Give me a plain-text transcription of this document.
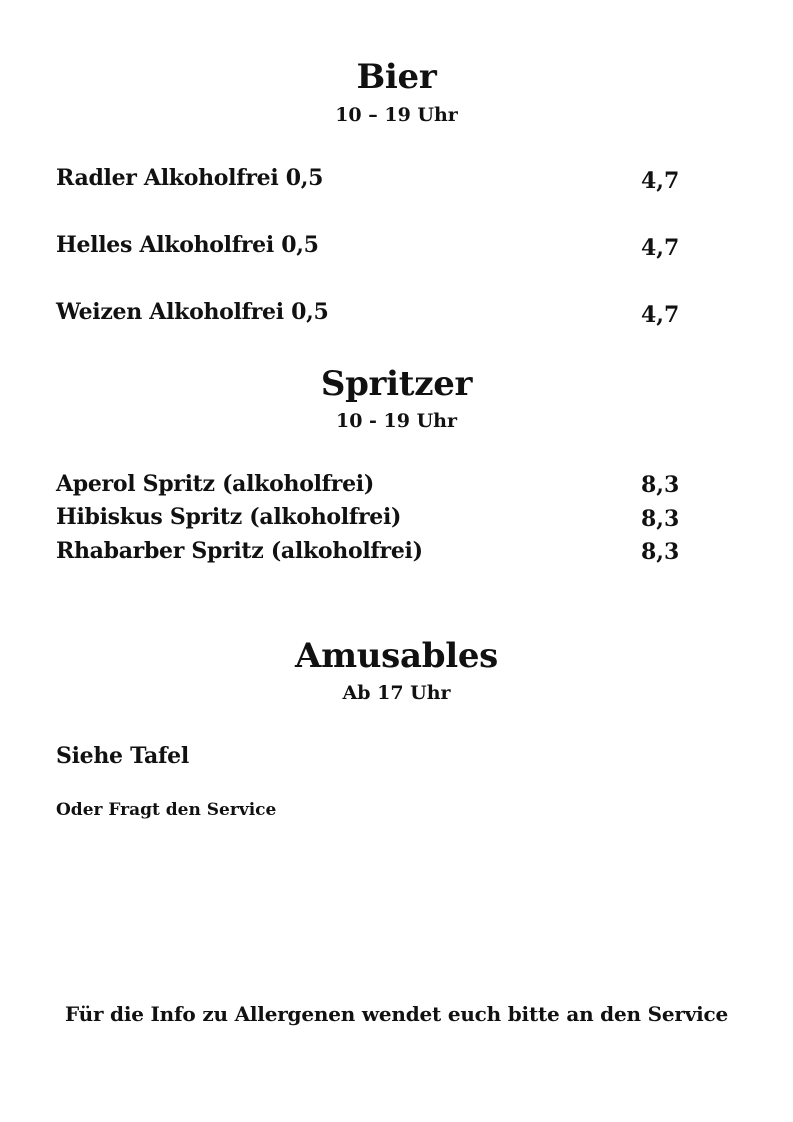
Bier
10 – 19 Uhr
Radler Alkoholfrei 0,5	4,7
Helles Alkoholfrei 0,5	4,7
Weizen Alkoholfrei 0,5	4,7
Spritzer
10 - 19 Uhr
Aperol Spritz (alkoholfrei)	8,3
Hibiskus Spritz (alkoholfrei)	8,3
Rhabarber Spritz (alkoholfrei)	8,3
Amusables
Ab 17 Uhr
Siehe Tafel
Oder Fragt den Service
Für die Info zu Allergenen wendet euch bitte an den Service
